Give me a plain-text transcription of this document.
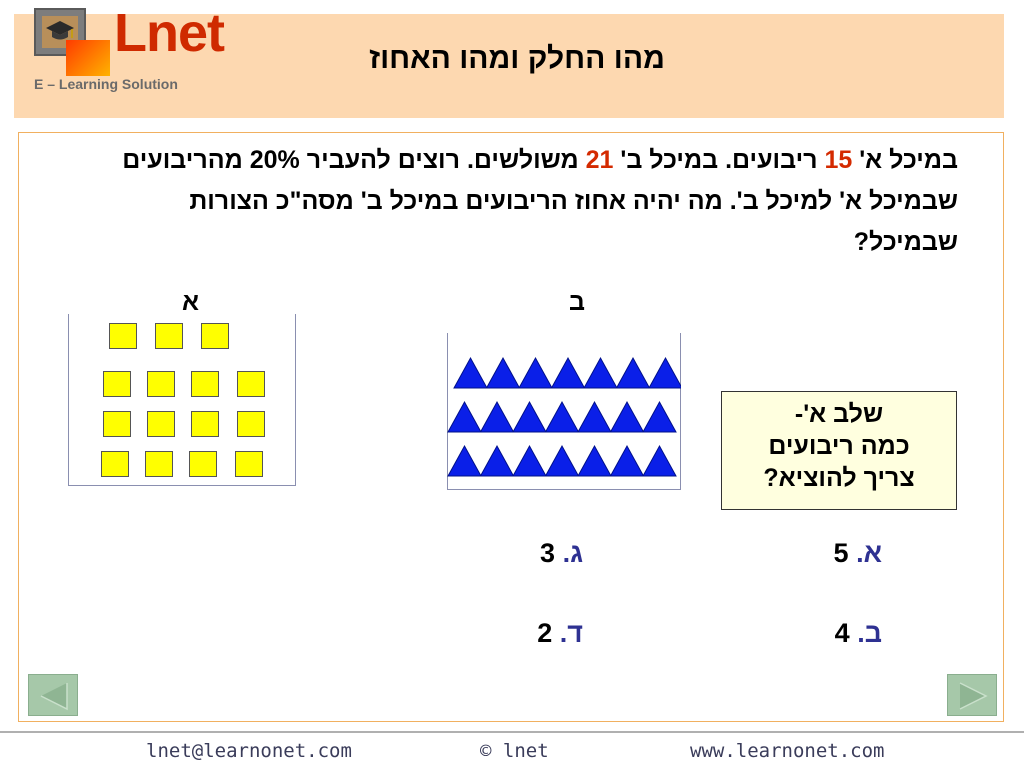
Lnet
E – Learning Solution
מהו החלק ומהו האחוז
במיכל א' 15 ריבועים. במיכל ב' 21 משולשים. רוצים להעביר 20% מהריבועים שבמיכל א' למיכל ב'. מה יהיה אחוז הריבועים במיכל ב' מסה"כ הצורות שבמיכל?
א	ב
שלב א'-
כמה ריבועים
צריך להוציא?
א. 5
ב. 4
ג. 3
ד. 2
lnet@learnonet.com	© lnet	www.learnonet.com
